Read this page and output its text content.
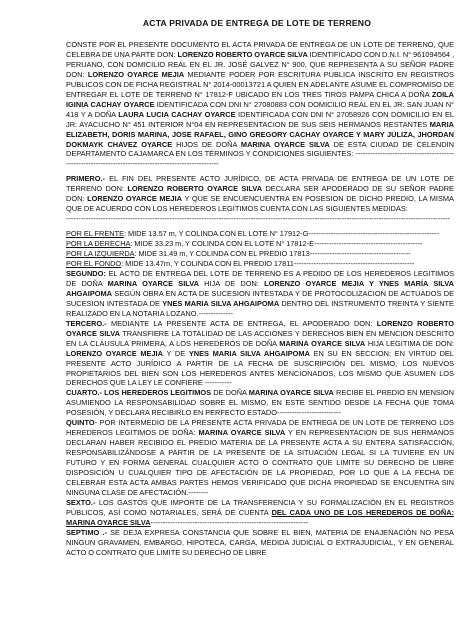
ACTA PRIVADA DE ENTREGA DE LOTE DE TERRENO

CONSTE POR EL PRESENTE DOCUMENTO EL ACTA PRIVADA DE ENTREGA DE UN LOTE DE TERRENO, QUE CELEBRA DE UNA PARTE DON: LORENZO ROBERTO OYARCE SILVA IDENTIFICADO CON D.N.I. N° 961094564 , PERUANO, CON DOMICILIO REAL EN EL JR. JOSÉ GALVEZ N° 900, QUE REPRESENTA A SU SEÑOR PADRE DON: LORENZO OYARCE MEJIA MEDIANTE PODER POR ESCRITURA PUBLICA INSCRITO EN REGISTROS PUBLICOS CON DE FICHA REGISTRAL N° 2014-00013721 A QUIEN EN ADELANTE ASUME EL COMPROMISO DE ENTREGAR EL LOTE DE TERRENO N° 17812-F UBICADO EN LOS TRES TIROS PAMPA CHICA A DOÑA ZOILA IGINIA CACHAY OYARCE IDENTIFICADA CON DNI N° 27080883 CON DOMICILIO REAL EN EL JR: SAN JUAN N° 418 Y A DOÑA LAURA LUCIA CACHAY OYARCE IDENTIFICADA CON DNI N° 27058926 CON DOMICILIO EN EL JR: AYACUCHO N° 451 INTERIOR N°04 EN REPRESENTACION DE SUS SEIS HERMANOS RESTANTES MARIA ELIZABETH, DORIS MARINA, JOSE RAFAEL, GINO GREGORY CACHAY OYARCE Y MARY JULIZA, JHORDAN DOKMAYK CHAVEZ OYARCE HIJOS DE DOÑA MARINA OYARCE SILVA DE ESTA CIUDAD DE CELENDIN DEPARTAMENTO CAJAMARCA EN LOS TÉRMINOS Y CONDICIONES SIGUIENTES: ------------------------------------------------------------------------------------------------------

PRIMERO.- EL FIN DEL PRESENTE ACTO JURÍDICO, DE ACTA PRIVADA DE ENTREGA DE UN LOTE DE TERRENO DON: LORENZO ROBERTO OYARCE SILVA DECLARA SER APODERADO DE SU SEÑOR PADRE DON: LORENZO OYARCE MEJIA Y QUE SE ENCUENCUENTRA EN POSESION DE DICHO PREDIO, LA MISMA QUE DE ACUERDO CON LOS HEREDEROS LEGITIMOS CUENTA CON LAS SIGUIENTES MEDIDAS:

------------------------------------------------------------------------------------------------------------------------------------------------------------
POR EL FRENTE: MIDE 13.57 m, Y COLINDA CON EL LOTE N° 17912-G-----------------------------------------------------
POR LA DERECHA: MIDE 33.23 m, Y COLINDA CON EL LOTE N° 17812-E--------------------------------------------
POR LA IZQUIERDA: MIDE 31.49 m, Y COLINDA CON EL PREDIO 17813-----------------------------------------
POR EL FONDO: MIDE 13.47m, Y COLINDA CON EL PREDIO 17811-------------------------------------------------

SEGUNDO: EL ACTO DE ENTREGA DEL LOTE DE TERRENO ES A PEDIDO DE LOS HEREDEROS LEGITIMOS DE DOÑA MARINA OYARCE SILVA HIJA DE DON: LORENZO OYARCE MEJIA Y YNES MARÍA SILVA AHGAIPOMA SEGÚN OBRA EN ACTA DE SUCESION INTESTADA Y DE PROTOCOLIZACION DE ACTUADOS DE SUCESION INTESTADA DE YNES MARIA SILVA AHGAIPOMA DENTRO DEL INSTRUMENTO TREINTA Y SIENTE REALIZADO EN LA NOTARIA LOZANO.--------------

TERCERO.- MEDIANTE LA PRESENTE ACTA DE ENTREGA, EL APODERADO DON: LORENZO ROBERTO OYARCE SILVA TRANSFIERE LA TOTALIDAD DE LAS ACCIONES Y DERECHOS BIEN EN MENCION DESCRITO EN LA CLÁUSULA PRIMERA, A LOS HEREDEROS DE DOÑA MARINA OYARCE SILVA HIJA LEGITIMA DE DON: LORENZO OYARCE MEJIA Y DE YNES MARIA SILVA AHGAIPOMA EN SU EN SECCION; EN VIRTUD DEL PRESENTE ACTO JURÍDICO A PARTIR DE LA FECHA DE SUSCRIPCIÓN DEL MISMO, LOS NUEVOS PROPIETARIOS DEL BIEN SON LOS HEREDEROS ANTES MENCIONADOS, LOS MISMO QUE ASUMEN LOS DERECHOS QUE LA LEY LE CONFIERE -----------

CUARTO.- LOS HEREDEROS LEGITIMOS DE DOÑA MARINA OYARCE SILVA RECIBE EL PREDIO EN MENSION ASUMIENDO LA RESPONSABILIDAD SOBRE EL MISMO, EN ESTE SENTIDO DESDE LA FECHA QUE TOMA POSESIÓN, Y DECLARA RECIBIRLO EN PERFECTO ESTADO--------------------------

QUINTO- POR INTERMEDIO DE LA PRESENTE ACTA PRIVADA DE ENTREGA DE UN LOTE DE TERRENO LOS HEREDEROS LEGITIMOS DE DOÑA: MARINA OYARCE SILVA Y EN REPRESENTACION DE SUS HERMANOS DECLARAN HABER RECIBIDO EL PREDIO MATERIA DE LA PRESENTE ACTA A SU ENTERA SATISFACCIÓN, RESPONSABILIZÁNDOSE A PARTIR DE LA PRESENTE DE LA SITUACIÓN LEGAL SI LA TUVIERE EN UN FUTURO Y EN FORMA GENERAL CUALQUIER ACTO O CONTRATO QUE LIMITE SU DERECHO DE LIBRE DISPOSICIÓN U CUALQUIER TIPO DE AFECTACIÓN DE LA PROPIEDAD, POR LO QUE A LA FECHA DE CELEBRAR ESTA ACTA AMBAS PARTES HEMOS VERIFICADO QUE DICHA PROPIEDAD SE ENCUENTRA SIN NINGUNA CLASE DE AFECTACIÓN.--------

SEXTO.- LOS GASTOS QUE IMPORTE DE LA TRANSFERENCIA Y SU FORMALIZACIÓN EN EL REGISTROS PÚBLICOS, ASÍ COMO NOTARIALES, SERÁ DE CUENTA DEL CADA UNO DE LOS HEREDEROS DE DOÑA: MARINA OYARCE SILVA----------------------------------------------------------------

SEPTIMO .- SE DEJA EXPRESA CONSTANCIA QUE SOBRE EL BIEN, MATERIA DE ENAJENACIÓN NO PESA NINGUN GRAVAMEN, EMBARGO, HIPOTECA, CARGA, MEDIDA JUDICIAL O EXTRAJUDICIAL, Y EN GENERAL ACTO O CONTRATO QUE LIMITE SU DERECHO DE LIBRE
